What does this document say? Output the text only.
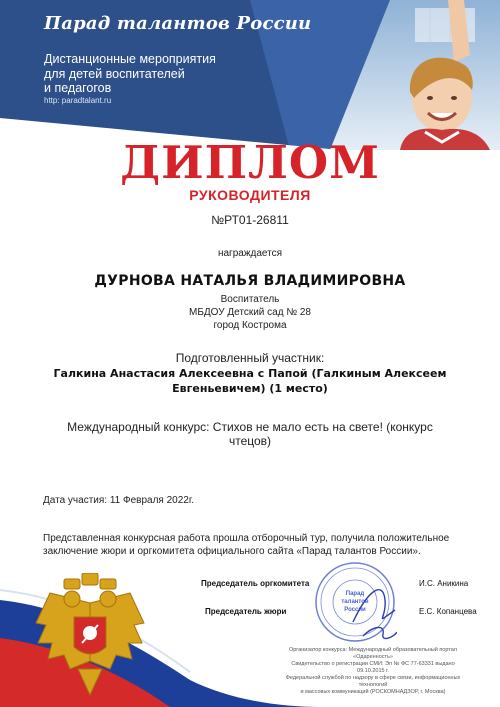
Парад талантов России
Дистанционные мероприятия
для детей воспитателей
и педагогов
http: paradtalant.ru
ДИПЛОМ
РУКОВОДИТЕЛЯ
№РТ01-26811
награждается
ДУРНОВА НАТАЛЬЯ ВЛАДИМИРОВНА
Воспитатель
МБДОУ Детский сад № 28
город Кострома
Подготовленный участник:
Галкина Анастасия Алексеевна с Папой (Галкиным Алексеем
Евгеньевичем) (1 место)
Международный конкурс: Стихов не мало есть на свете! (конкурс
чтецов)
Дата участия: 11 Февраля 2022г.
Представленная конкурсная работа прошла отборочный тур, получила положительное
заключение жюри и оргкомитета официального сайта «Парад талантов России».
Парад
талантов
России
Председатель оргкомитета	И.С. Аникина
Председатель жюри	Е.С. Копанцева
Организатор конкурса: Международный образовательный портал «Одаренность»
Свидетельство о регистрации СМИ: Эл № ФС 77-63331 выдано 09.10.2015 г.
Федеральной службой по надзору в сфере связи, информационных технологий
и массовых коммуникаций (РОСКОМНАДЗОР, г. Москва)
